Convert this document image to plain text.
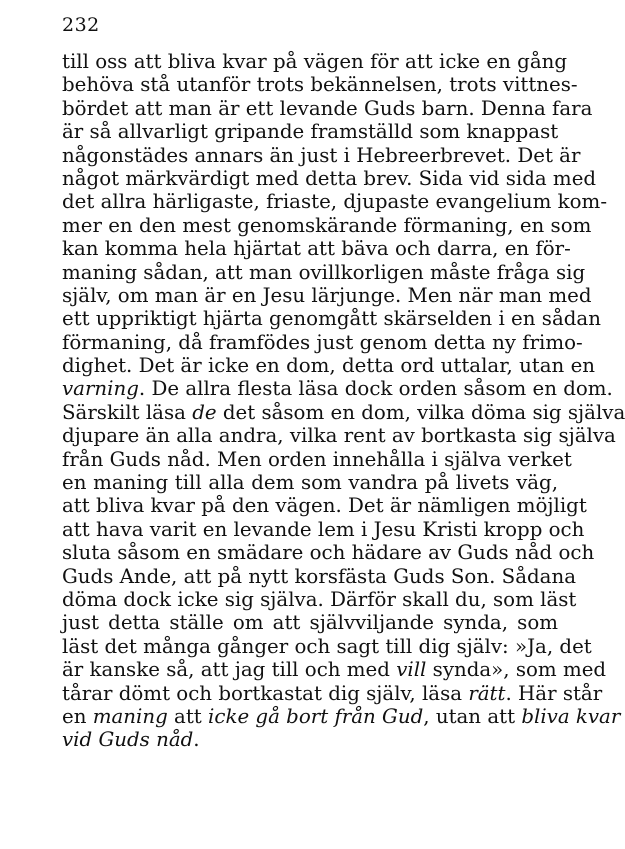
232
till oss att bliva kvar på vägen för att icke en gång
behöva stå utanför trots bekännelsen, trots vittnes-
bördet att man är ett levande Guds barn. Denna fara
är så allvarligt gripande framställd som knappast
någonstädes annars än just i Hebreerbrevet. Det är
något märkvärdigt med detta brev. Sida vid sida med
det allra härligaste, friaste, djupaste evangelium kom-
mer en den mest genomskärande förmaning, en som
kan komma hela hjärtat att bäva och darra, en för-
maning sådan, att man ovillkorligen måste fråga sig
själv, om man är en Jesu lärjunge. Men när man med
ett uppriktigt hjärta genomgått skärselden i en sådan
förmaning, då framfödes just genom detta ny frimo-
dighet. Det är icke en dom, detta ord uttalar, utan en
varning. De allra flesta läsa dock orden såsom en dom.
Särskilt läsa de det såsom en dom, vilka döma sig själva
djupare än alla andra, vilka rent av bortkasta sig själva
från Guds nåd. Men orden innehålla i själva verket
en maning till alla dem som vandra på livets väg,
att bliva kvar på den vägen. Det är nämligen möjligt
att hava varit en levande lem i Jesu Kristi kropp och
sluta såsom en smädare och hädare av Guds nåd och
Guds Ande, att på nytt korsfästa Guds Son. Sådana
döma dock icke sig själva. Därför skall du, som läst
just detta ställe om att självviljande synda, som
läst det många gånger och sagt till dig själv: »Ja, det
är kanske så, att jag till och med vill synda», som med
tårar dömt och bortkastat dig själv, läsa rätt. Här står
en maning att icke gå bort från Gud, utan att bliva kvar
vid Guds nåd.
